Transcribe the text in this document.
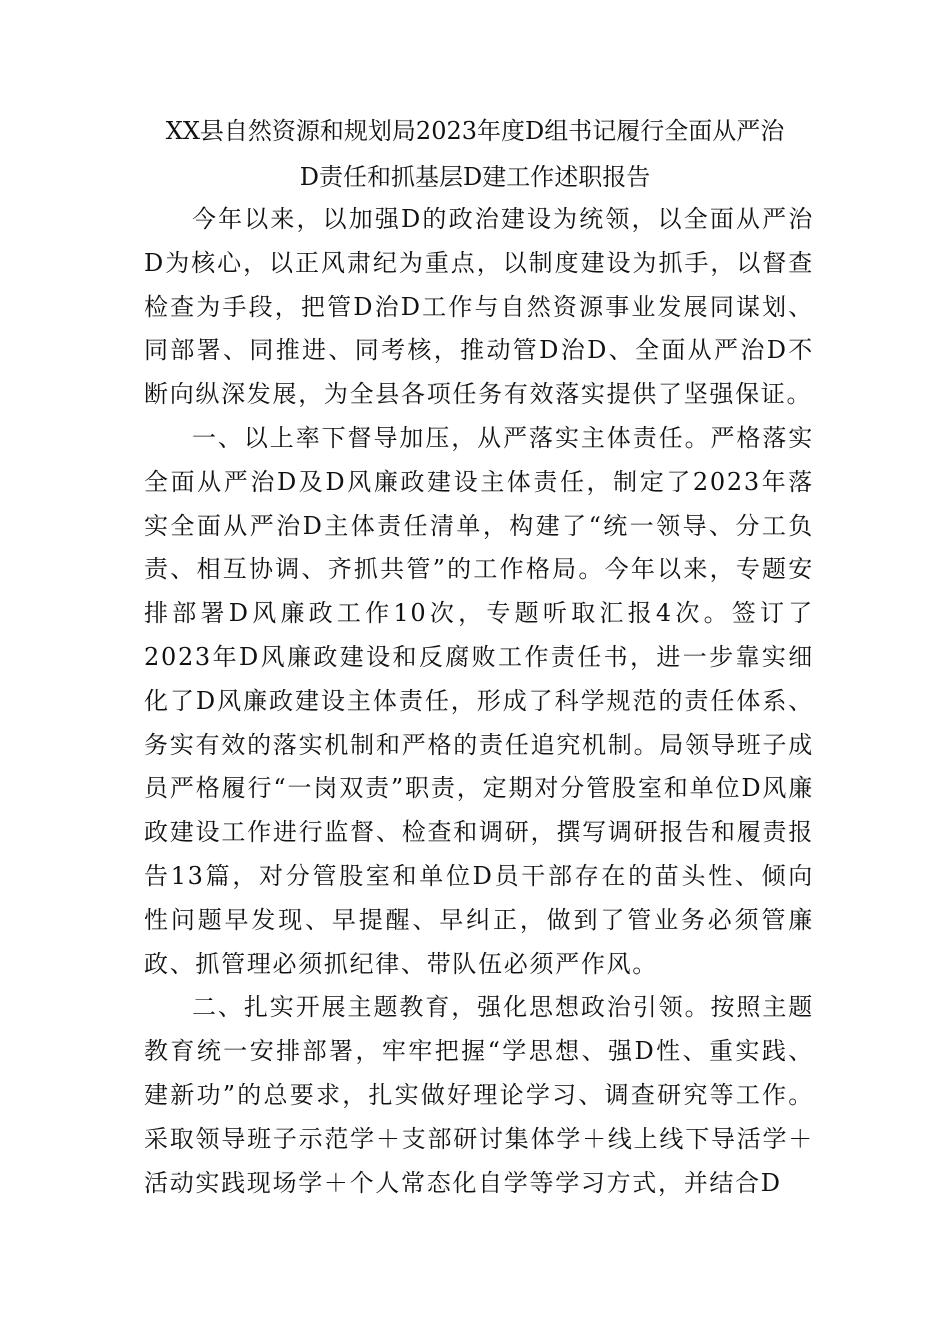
XX县自然资源和规划局2023年度D组书记履行全面从严治
D责任和抓基层D建工作述职报告

今年以来，以加强D的政治建设为统领，以全面从严治D为核心，以正风肃纪为重点，以制度建设为抓手，以督查检查为手段，把管D治D工作与自然资源事业发展同谋划、同部署、同推进、同考核，推动管D治D、全面从严治D不断向纵深发展，为全县各项任务有效落实提供了坚强保证。

一、以上率下督导加压，从严落实主体责任。严格落实全面从严治D及D风廉政建设主体责任，制定了2023年落实全面从严治D主体责任清单，构建了“统一领导、分工负责、相互协调、齐抓共管”的工作格局。今年以来，专题安排部署D风廉政工作10次，专题听取汇报4次。签订了2023年D风廉政建设和反腐败工作责任书，进一步靠实细化了D风廉政建设主体责任，形成了科学规范的责任体系、务实有效的落实机制和严格的责任追究机制。局领导班子成员严格履行“一岗双责”职责，定期对分管股室和单位D风廉政建设工作进行监督、检查和调研，撰写调研报告和履责报告13篇，对分管股室和单位D员干部存在的苗头性、倾向性问题早发现、早提醒、早纠正，做到了管业务必须管廉政、抓管理必须抓纪律、带队伍必须严作风。

二、扎实开展主题教育，强化思想政治引领。按照主题教育统一安排部署，牢牢把握“学思想、强D性、重实践、建新功”的总要求，扎实做好理论学习、调查研究等工作。采取领导班子示范学＋支部研讨集体学＋线上线下导活学＋活动实践现场学＋个人常态化自学等学习方式，并结合D
